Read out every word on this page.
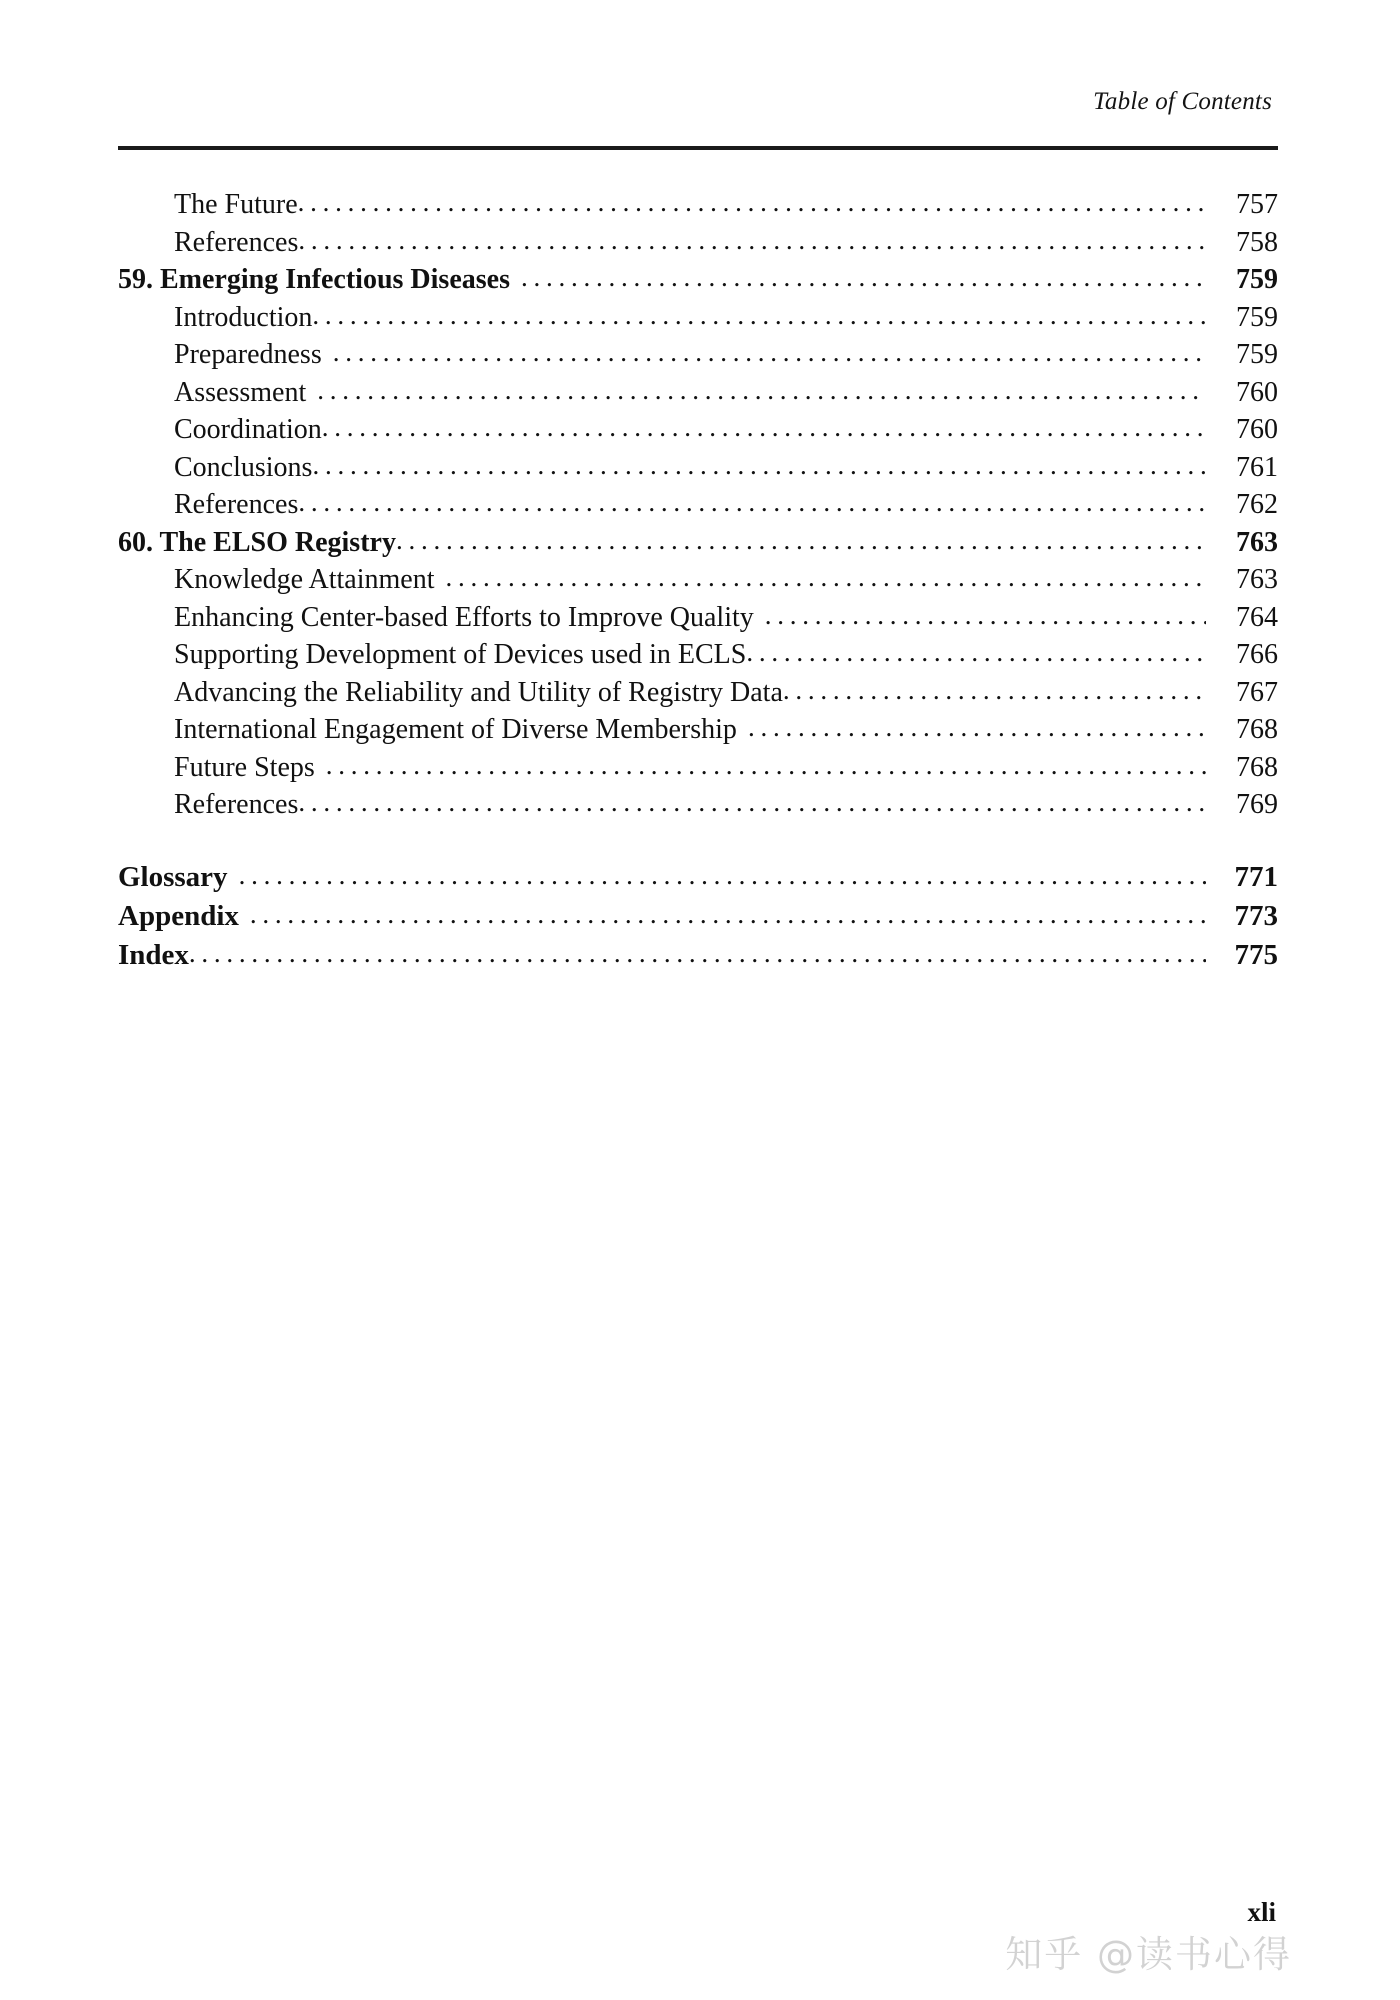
Table of Contents
The Future . . .	757
References . . .	758
59. Emerging Infectious Diseases . . .	759
Introduction . . .	759
Preparedness . . .	759
Assessment . . .	760
Coordination . . .	760
Conclusions . . .	761
References . . .	762
60. The ELSO Registry . . .	763
Knowledge Attainment . . .	763
Enhancing Center-based Efforts to Improve Quality . . .	764
Supporting Development of Devices used in ECLS . . .	766
Advancing the Reliability and Utility of Registry Data . . .	767
International Engagement of Diverse Membership . . .	768
Future Steps . . .	768
References . . .	769
Glossary . . .	771
Appendix . . .	773
Index . . .	775
xli
知乎 @读书心得
